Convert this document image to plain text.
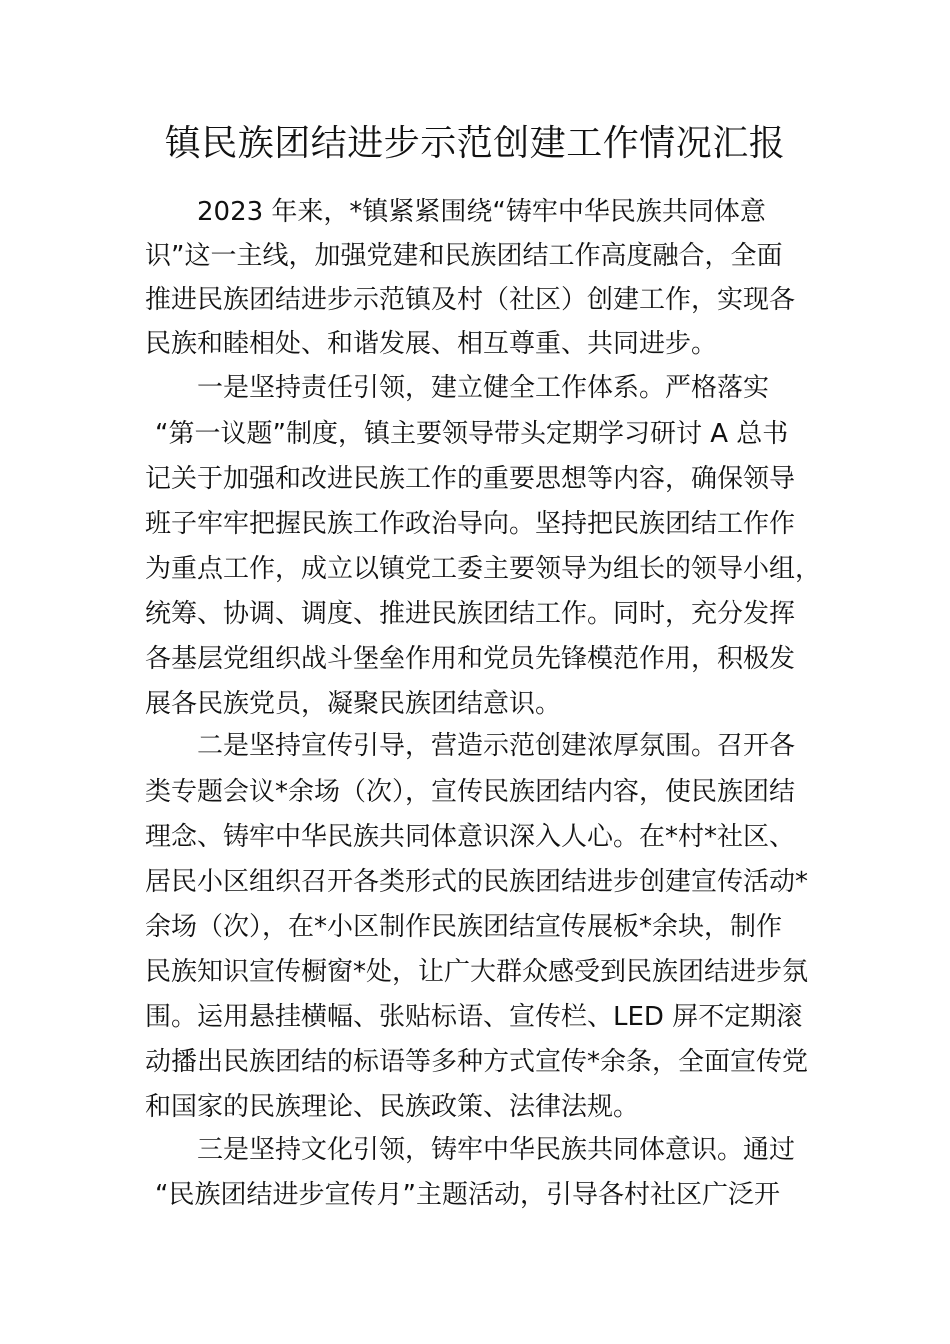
镇民族团结进步示范创建工作情况汇报
2023 年来，*镇紧紧围绕“铸牢中华民族共同体意
识”这一主线，加强党建和民族团结工作高度融合，全面
推进民族团结进步示范镇及村（社区）创建工作，实现各
民族和睦相处、和谐发展、相互尊重、共同进步。
一是坚持责任引领，建立健全工作体系。严格落实
“第一议题”制度，镇主要领导带头定期学习研讨 A 总书
记关于加强和改进民族工作的重要思想等内容，确保领导
班子牢牢把握民族工作政治导向。坚持把民族团结工作作
为重点工作，成立以镇党工委主要领导为组长的领导小组，
统筹、协调、调度、推进民族团结工作。同时，充分发挥
各基层党组织战斗堡垒作用和党员先锋模范作用，积极发
展各民族党员，凝聚民族团结意识。
二是坚持宣传引导，营造示范创建浓厚氛围。召开各
类专题会议*余场（次），宣传民族团结内容，使民族团结
理念、铸牢中华民族共同体意识深入人心。在*村*社区、
居民小区组织召开各类形式的民族团结进步创建宣传活动*
余场（次），在*小区制作民族团结宣传展板*余块，制作
民族知识宣传橱窗*处，让广大群众感受到民族团结进步氛
围。运用悬挂横幅、张贴标语、宣传栏、LED 屏不定期滚
动播出民族团结的标语等多种方式宣传*余条，全面宣传党
和国家的民族理论、民族政策、法律法规。
三是坚持文化引领，铸牢中华民族共同体意识。通过
“民族团结进步宣传月”主题活动，引导各村社区广泛开
